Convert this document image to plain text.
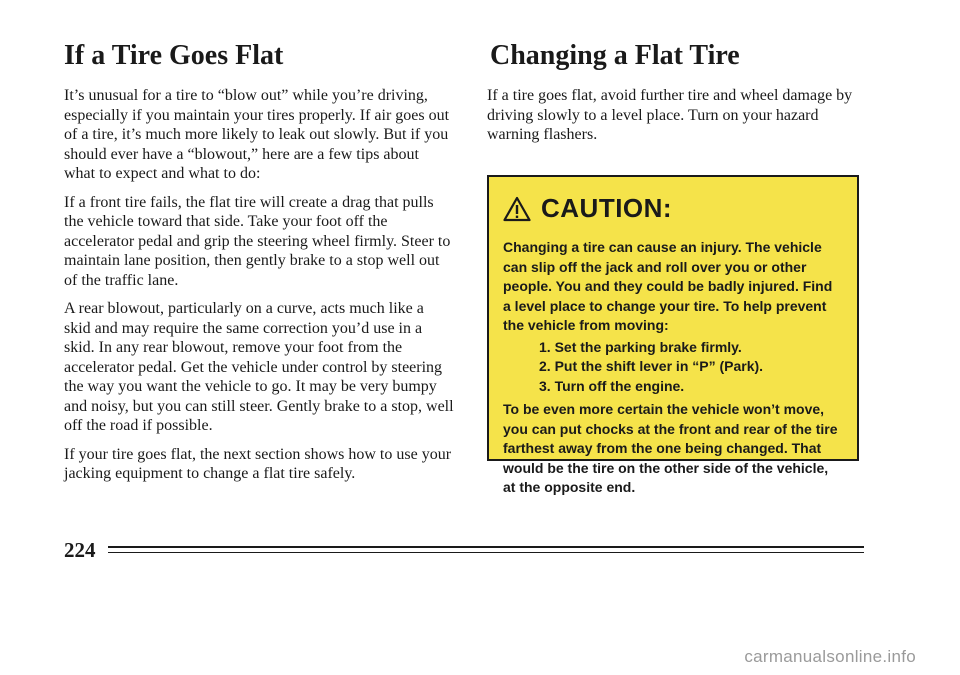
If a Tire Goes Flat

It’s unusual for a tire to “blow out” while you’re driving, especially if you maintain your tires properly. If air goes out of a tire, it’s much more likely to leak out slowly. But if you should ever have a “blowout,” here are a few tips about what to expect and what to do:

If a front tire fails, the flat tire will create a drag that pulls the vehicle toward that side. Take your foot off the accelerator pedal and grip the steering wheel firmly. Steer to maintain lane position, then gently brake to a stop well out of the traffic lane.

A rear blowout, particularly on a curve, acts much like a skid and may require the same correction you’d use in a skid. In any rear blowout, remove your foot from the accelerator pedal. Get the vehicle under control by steering the way you want the vehicle to go. It may be very bumpy and noisy, but you can still steer. Gently brake to a stop, well off the road if possible.

If your tire goes flat, the next section shows how to use your jacking equipment to change a flat tire safely.

Changing a Flat Tire

If a tire goes flat, avoid further tire and wheel damage by driving slowly to a level place. Turn on your hazard warning flashers.

CAUTION:

Changing a tire can cause an injury. The vehicle can slip off the jack and roll over you or other people. You and they could be badly injured. Find a level place to change your tire. To help prevent the vehicle from moving:

1. Set the parking brake firmly.
2. Put the shift lever in “P” (Park).
3. Turn off the engine.

To be even more certain the vehicle won’t move, you can put chocks at the front and rear of the tire farthest away from the one being changed. That would be the tire on the other side of the vehicle, at the opposite end.

224
carmanualsonline.info
